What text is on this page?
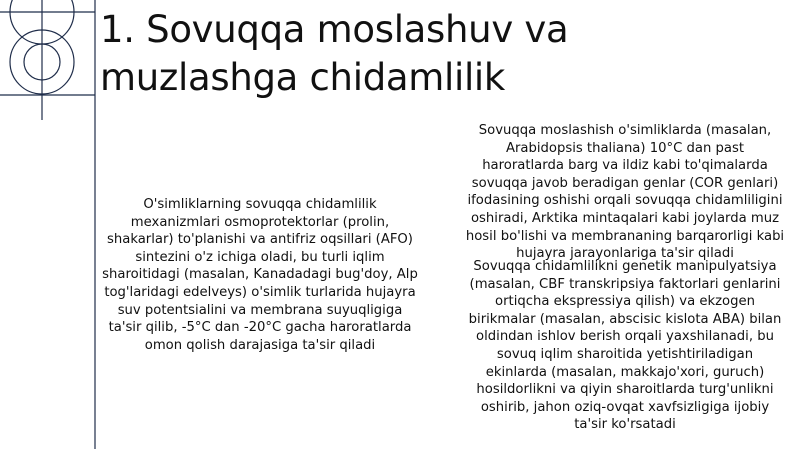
1. Sovuqqa moslashuv va
muzlashga chidamlilik

O'simliklarning sovuqqa chidamlilik mexanizmlari osmoprotektorlar (prolin, shakarlar) to'planishi va antifriz oqsillari (AFO) sintezini o'z ichiga oladi, bu turli iqlim sharoitidagi (masalan, Kanadadagi bug'doy, Alp tog'laridagi edelveys) o'simlik turlarida hujayra suv potentsialini va membrana suyuqligiga ta'sir qilib, -5°C dan -20°C gacha haroratlarda omon qolish darajasiga ta'sir qiladi

Sovuqqa moslashish o'simliklarda (masalan, Arabidopsis thaliana) 10°C dan past haroratlarda barg va ildiz kabi to'qimalarda sovuqqa javob beradigan genlar (COR genlari) ifodasining oshishi orqali sovuqqa chidamliligini oshiradi, Arktika mintaqalari kabi joylarda muz hosil bo'lishi va membrananing barqarorligi kabi hujayra jarayonlariga ta'sir qiladi

Sovuqqa chidamlilikni genetik manipulyatsiya (masalan, CBF transkripsiya faktorlari genlarini ortiqcha ekspressiya qilish) va ekzogen birikmalar (masalan, abscisic kislota ABA) bilan oldindan ishlov berish orqali yaxshilanadi, bu sovuq iqlim sharoitida yetishtiriladigan ekinlarda (masalan, makkajo'xori, guruch) hosildorlikni va qiyin sharoitlarda turg'unlikni oshirib, jahon oziq-ovqat xavfsizligiga ijobiy ta'sir ko'rsatadi
